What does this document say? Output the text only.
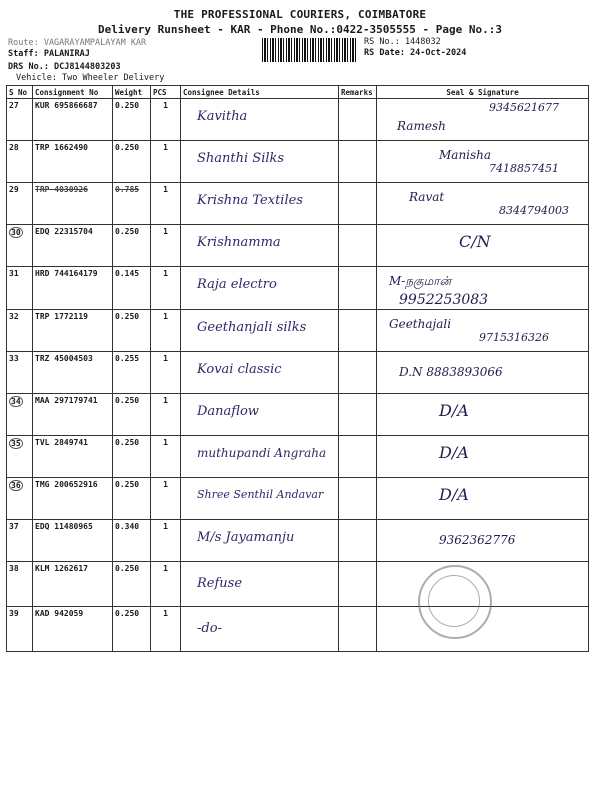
THE PROFESSIONAL COURIERS, COIMBATORE
Delivery Runsheet - KAR - Phone No.:0422-3505555 - Page No.:3
Route: VAGARAYAMPALAYAM KAR
Staff: PALANIRAJ
DRS No.: DCJ8144803203
Vehicle: Two Wheeler Delivery
RS No.: 1448032
RS Date: 24-Oct-2024
S No	Consignment No	Weight	PCS	Consignee Details	Remarks	Seal & Signature
27	KUR 695866687	0.250	1	Kavitha		9345621677
Ramesh

28	TRP 1662490	0.250	1	Shanthi Silks		Manisha
7418857451

29	TRP 4030926	0.785	1	Krishna Textiles		Ravat
8344794003

30	EDQ 22315704	0.250	1	Krishnamma		C/N

31	HRD 744164179	0.145	1	Raja electro		M-நகுமான்
9952253083

32	TRP 1772119	0.250	1	Geethanjali silks		Geethajali
9715316326

33	TRZ 45004503	0.255	1	Kovai classic		D.N 8883893066

34	MAA 297179741	0.250	1	Danaflow		D/A

35	TVL 2849741	0.250	1	muthupandi Angraha		D/A

36	TMG 200652916	0.250	1	Shree Senthil Andavar		D/A

37	EDQ 11480965	0.340	1	M/s Jayamanju		9362362776

38	KLM 1262617	0.250	1	Refuse		

39	KAD 942059	0.250	1	-do-		
